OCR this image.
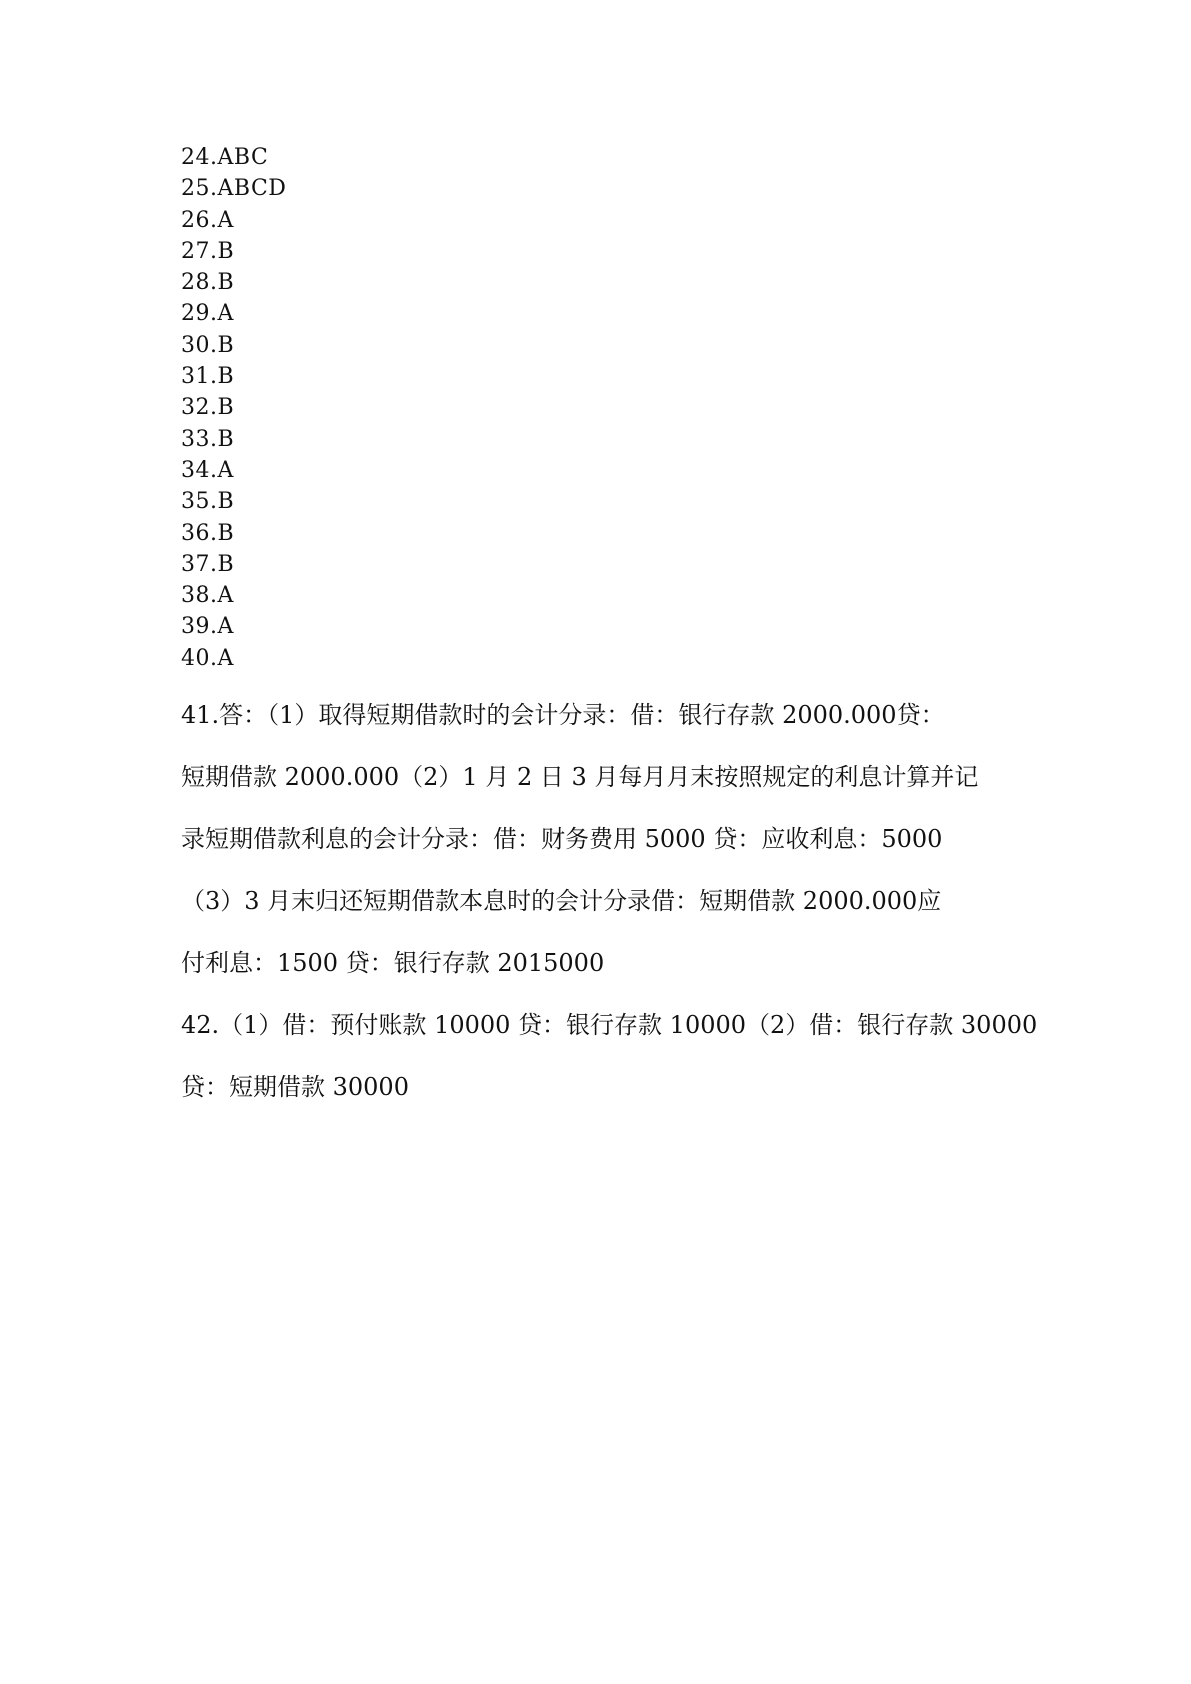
24.ABC
25.ABCD
26.A
27.B
28.B
29.A
30.B
31.B
32.B
33.B
34.A
35.B
36.B
37.B
38.A
39.A
40.A

41.答：（1）取得短期借款时的会计分录：借：银行存款 2000.000贷：
短期借款 2000.000（2）1 月 2 日 3 月每月月末按照规定的利息计算并记
录短期借款利息的会计分录：借：财务费用 5000 贷：应收利息：5000
（3）3 月末归还短期借款本息时的会计分录借：短期借款 2000.000应
付利息：1500 贷：银行存款 2015000

42.（1）借：预付账款 10000 贷：银行存款 10000（2）借：银行存款 30000
贷：短期借款 30000
